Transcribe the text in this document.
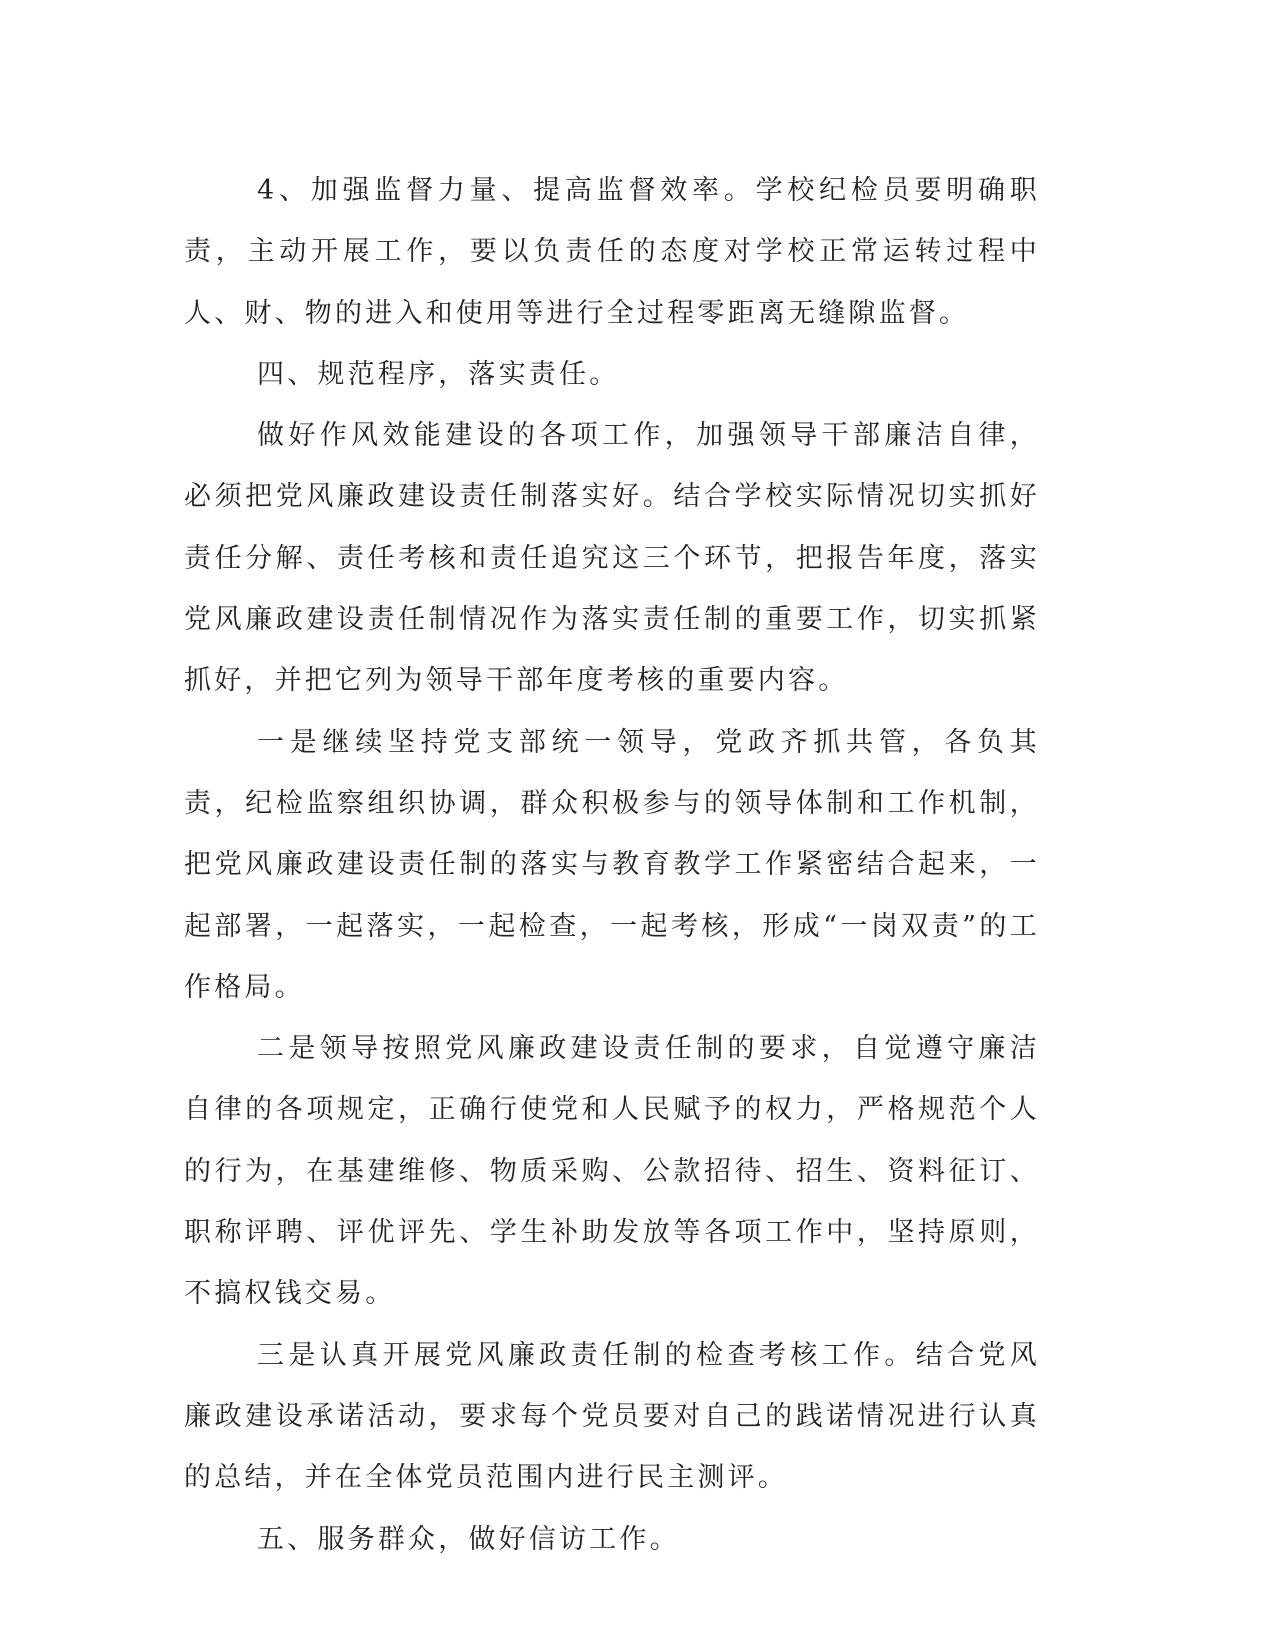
4、加强监督力量、提高监督效率。学校纪检员要明确职责，主动开展工作，要以负责任的态度对学校正常运转过程中人、财、物的进入和使用等进行全过程零距离无缝隙监督。

四、规范程序，落实责任。

做好作风效能建设的各项工作，加强领导干部廉洁自律，必须把党风廉政建设责任制落实好。结合学校实际情况切实抓好责任分解、责任考核和责任追究这三个环节，把报告年度，落实党风廉政建设责任制情况作为落实责任制的重要工作，切实抓紧抓好，并把它列为领导干部年度考核的重要内容。

一是继续坚持党支部统一领导，党政齐抓共管，各负其责，纪检监察组织协调，群众积极参与的领导体制和工作机制，把党风廉政建设责任制的落实与教育教学工作紧密结合起来，一起部署，一起落实，一起检查，一起考核，形成“一岗双责”的工作格局。

二是领导按照党风廉政建设责任制的要求，自觉遵守廉洁自律的各项规定，正确行使党和人民赋予的权力，严格规范个人的行为，在基建维修、物质采购、公款招待、招生、资料征订、职称评聘、评优评先、学生补助发放等各项工作中，坚持原则，不搞权钱交易。

三是认真开展党风廉政责任制的检查考核工作。结合党风廉政建设承诺活动，要求每个党员要对自己的践诺情况进行认真的总结，并在全体党员范围内进行民主测评。

五、服务群众，做好信访工作。
